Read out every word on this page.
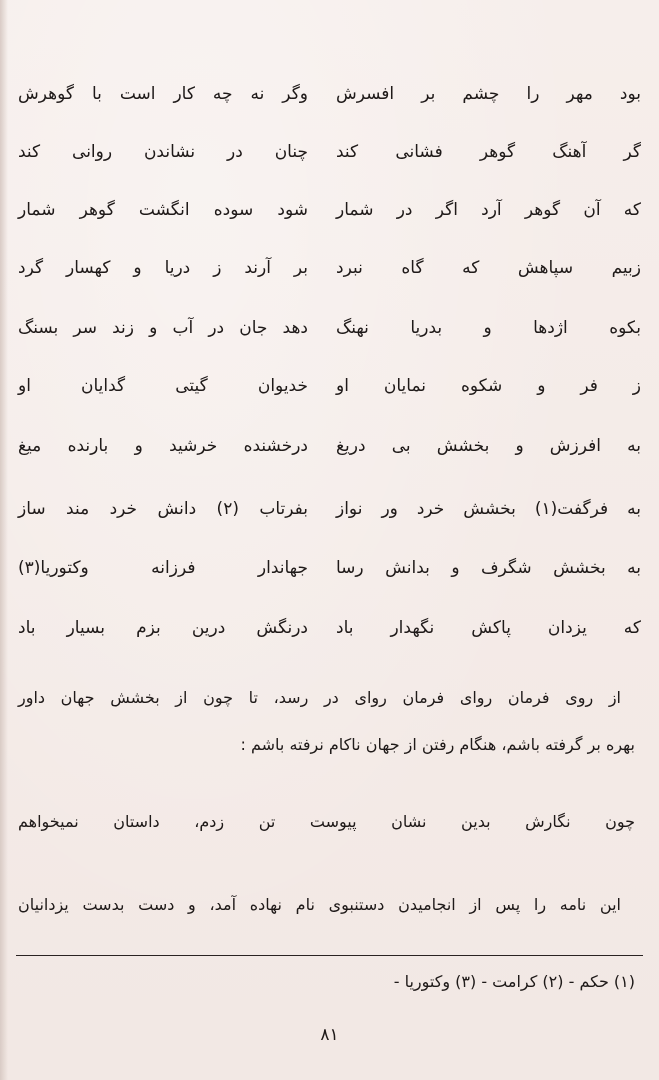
بود مهر را چشم بر افسرش
وگر نه چه کار است با گوهرش
گر آهنگ گوهر فشانی کند
چنان در نشاندن روانی کند
که آن گوهر آرد اگر در شمار
شود سوده انگشت گوهر شمار
زبیم سپاهش که گاه نبرد
بر آرند ز دریا و کهسار گرد
بکوه اژدها و بدریا نهنگ
دهد جان در آب و زند سر بسنگ
ز فر و شکوه نمایان او
خدیوان گیتی گدایان او
به افرزش و بخشش بی دریغ
درخشنده خرشید و بارنده میغ
به فرگفت(۱) بخشش خرد ور نواز
بفرتاب (۲) دانش خرد مند ساز
به بخشش شگرف و بدانش رسا
جهاندار فرزانه وکتوریا(۳)
که یزدان پاکش نگهدار باد
درنگش درین بزم بسیار باد
از روی فرمان روای فرمان روای در رسد، تا چون از بخشش جهان داور
بهره بر گرفته باشم، هنگام رفتن از جهان ناکام نرفته باشم :
چون نگارش بدین نشان پیوست تن زدم، داستان نمیخواهم
این نامه را پس از انجامیدن دستنبوی نام نهاده آمد، و دست بدست یزدانیان
(۱) حکم - (۲) کرامت - (۳) وکتوریا -
۸۱
